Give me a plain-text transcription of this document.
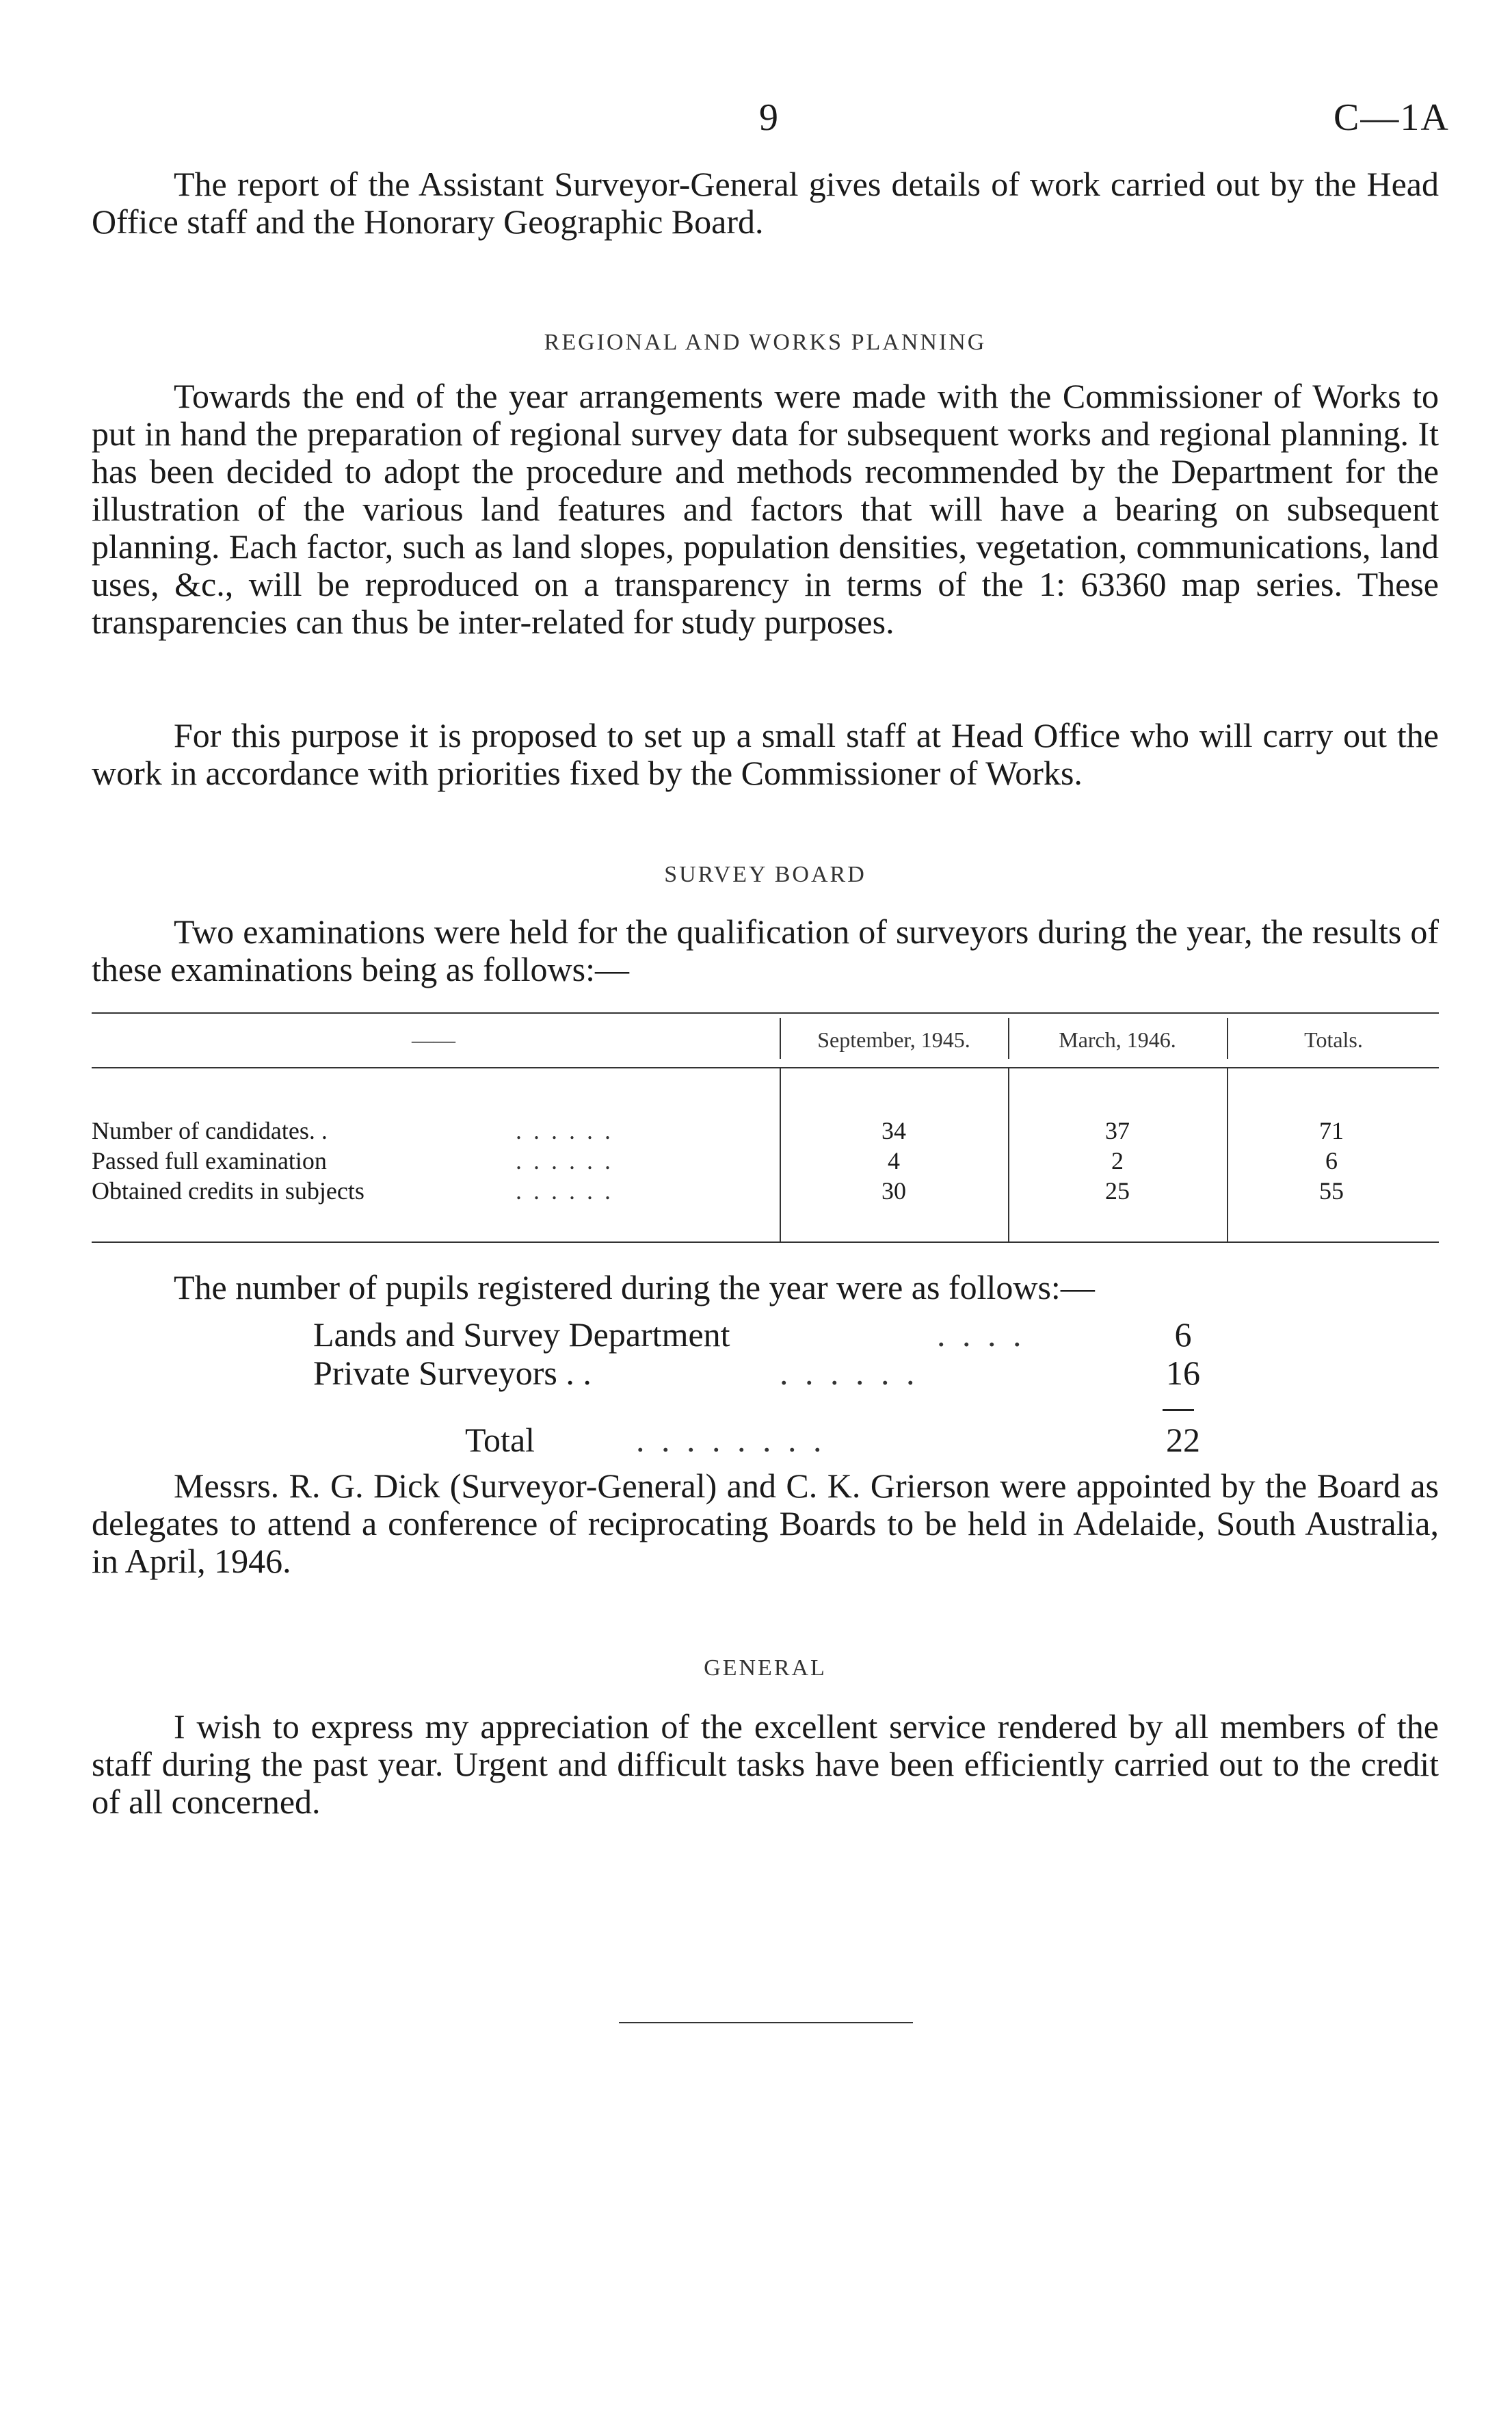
9	C—1A

The report of the Assistant Surveyor-General gives details of work carried out by the Head Office staff and the Honorary Geographic Board.

REGIONAL AND WORKS PLANNING

Towards the end of the year arrangements were made with the Commissioner of Works to put in hand the preparation of regional survey data for subsequent works and regional planning. It has been decided to adopt the procedure and methods recommended by the Department for the illustration of the various land features and factors that will have a bearing on subsequent planning. Each factor, such as land slopes, population densities, vegetation, communications, land uses, &c., will be reproduced on a transparency in terms of the 1: 63360 map series. These transparencies can thus be inter-related for study purposes.

For this purpose it is proposed to set up a small staff at Head Office who will carry out the work in accordance with priorities fixed by the Commissioner of Works.

SURVEY BOARD

Two examinations were held for the qualification of surveyors during the year, the results of these examinations being as follows:—

——	September, 1945.	March, 1946.	Totals.
Number of candidates. .	. . . . . .	34	37	71
Passed full examination	. . . . . .	4	2	6
Obtained credits in subjects	. . . . . .	30	25	55

The number of pupils registered during the year were as follows:—

Lands and Survey Department	. . . .	6
Private Surveyors . .	. . . . . .	16
Total	. . . . . . . .	22

Messrs. R. G. Dick (Surveyor-General) and C. K. Grierson were appointed by the Board as delegates to attend a conference of reciprocating Boards to be held in Adelaide, South Australia, in April, 1946.

GENERAL

I wish to express my appreciation of the excellent service rendered by all members of the staff during the past year. Urgent and difficult tasks have been efficiently carried out to the credit of all concerned.
